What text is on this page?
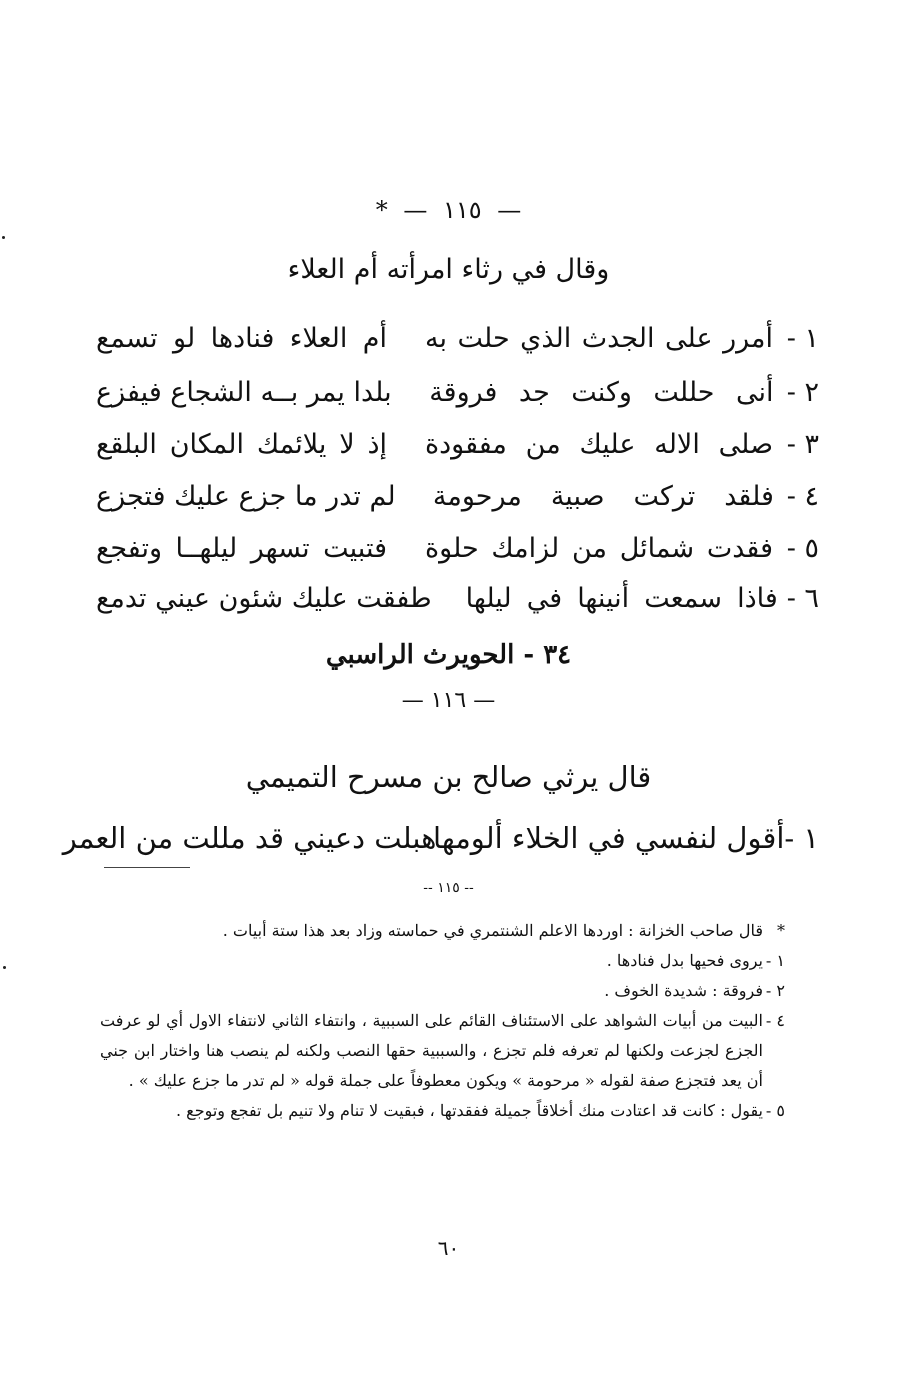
— ١١٥ — *
وقال في رثاء امرأته أم العلاء
١ -
أمرر على الجدث الذي حلت به
أم العلاء فنادها لو تسمع
٢ -
أنى حللت وكنت جد فروقة
بلدا يمر بــه الشجاع فيفزع
٣ -
صلى الاله عليك من مفقودة
إذ لا يلائمك المكان البلقع
٤ -
فلقد تركت صبية مرحومة
لم تدر ما جزع عليك فتجزع
٥ -
فقدت شمائل من لزامك حلوة
فتبيت تسهر ليلهــا وتفجع
٦ -
فاذا سمعت أنينها في ليلها
طفقت عليك شئون عيني تدمع
٣٤ - الحويرث الراسبي
— ١١٦ —
قال يرثي صالح بن مسرح التميمي
١ -
أقول لنفسي في الخلاء ألومها
هبلت دعيني قد مللت من العمر
-- ١١٥ --
*
قال صاحب الخزانة : اوردها الاعلم الشنتمري في حماسته وزاد بعد هذا ستة أبيات .
١ -
يروى فحيها بدل فنادها .
٢ -
فروقة : شديدة الخوف .
٤ -
البيت من أبيات الشواهد على الاستئناف القائم على السببية ، وانتفاء الثاني لانتفاء الاول أي لو عرفت الجزع لجزعت ولكنها لم تعرفه فلم تجزع ، والسببية حقها النصب ولكنه لم ينصب هنا واختار ابن جني أن يعد فتجزع صفة لقوله « مرحومة » ويكون معطوفاً على جملة قوله « لم تدر ما جزع عليك » .
٥ -
يقول : كانت قد اعتادت منك أخلاقاً جميلة ففقدتها ، فبقيت لا تنام ولا تنيم بل تفجع وتوجع .
٦٠
